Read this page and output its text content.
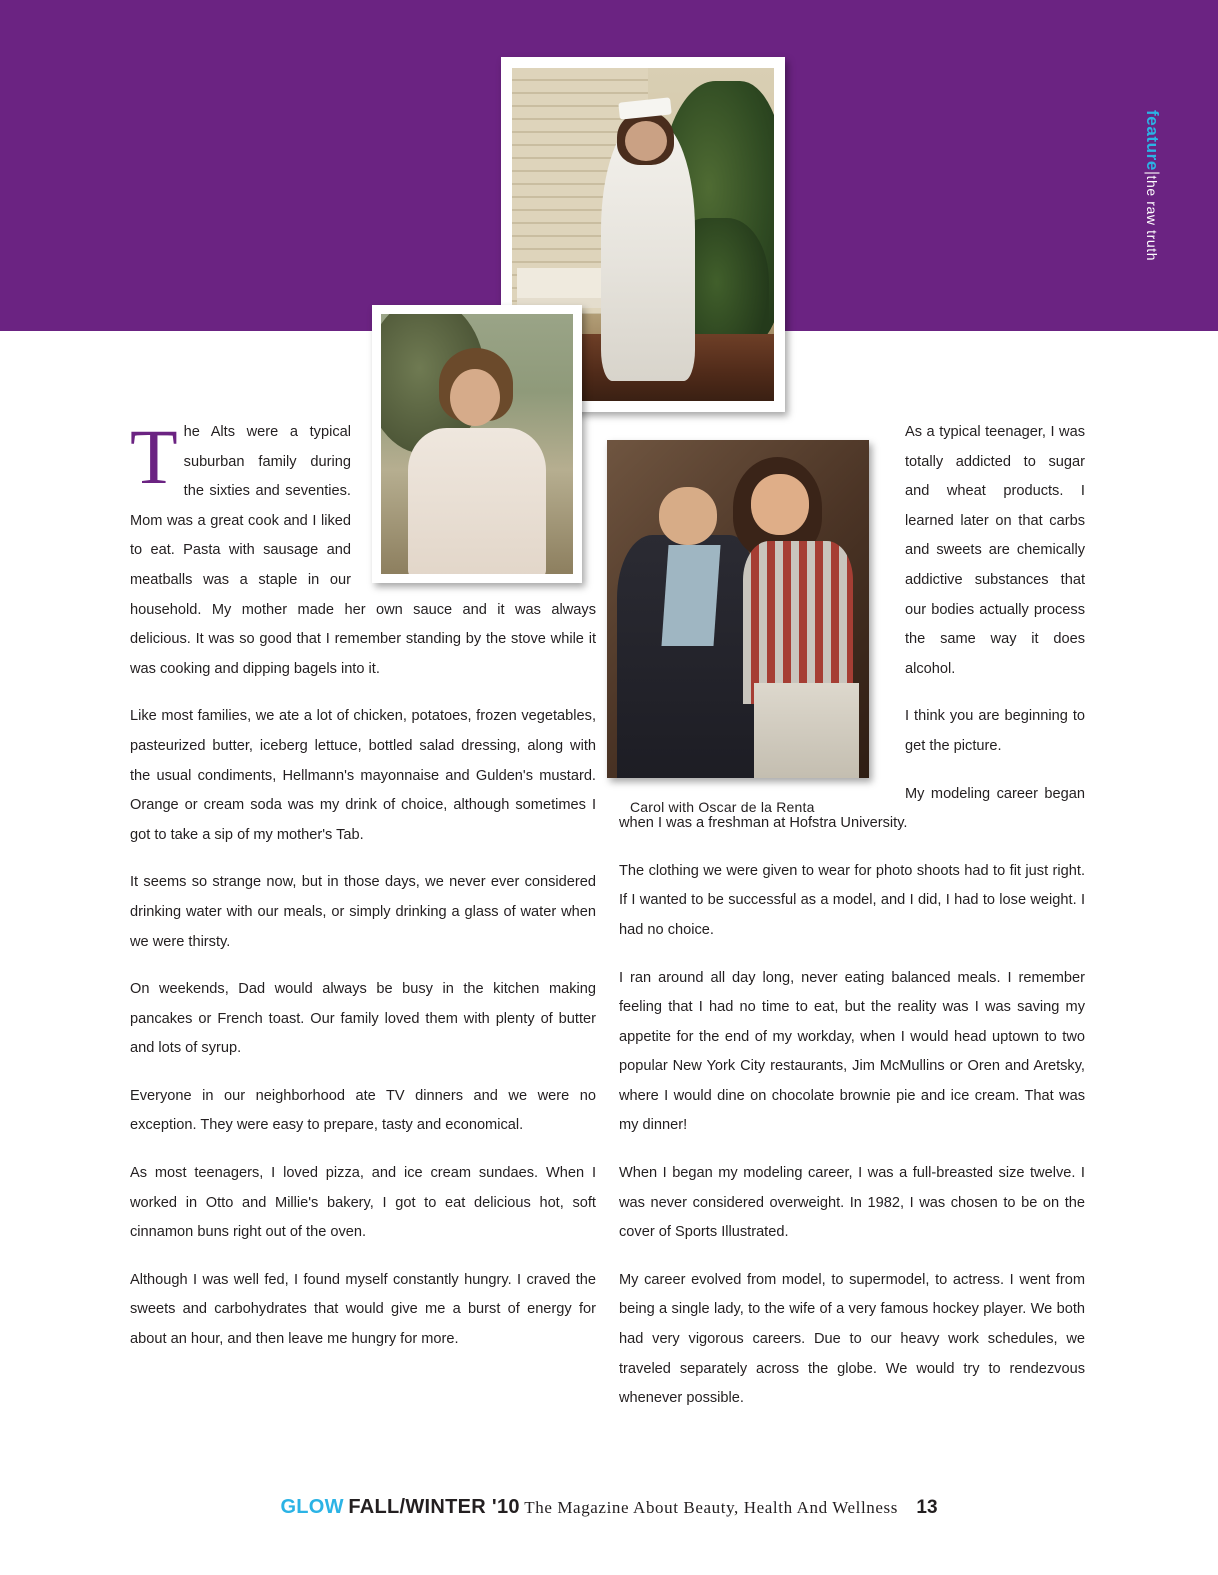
feature|the raw truth
Photos courtesy of Carol Alt
Carol with Oscar de la Renta

T he Alts were a typical suburban family during the sixties and seventies. Mom was a great cook and I liked to eat. Pasta with sausage and meatballs was a staple in our household. My mother made her own sauce and it was always delicious. It was so good that I remember standing by the stove while it was cooking and dipping bagels into it.

Like most families, we ate a lot of chicken, potatoes, frozen vegetables, pasteurized butter, iceberg lettuce, bottled salad dressing, along with the usual condiments, Hellmann's mayonnaise and Gulden's mustard. Orange or cream soda was my drink of choice, although sometimes I got to take a sip of my mother's Tab.

It seems so strange now, but in those days, we never ever considered drinking water with our meals, or simply drinking a glass of water when we were thirsty.

On weekends, Dad would always be busy in the kitchen making pancakes or French toast. Our family loved them with plenty of butter and lots of syrup.

Everyone in our neighborhood ate TV dinners and we were no exception. They were easy to prepare, tasty and economical.

As most teenagers, I loved pizza, and ice cream sundaes. When I worked in Otto and Millie's bakery, I got to eat delicious hot, soft cinnamon buns right out of the oven.

Although I was well fed, I found myself constantly hungry. I craved the sweets and carbohydrates that would give me a burst of energy for about an hour, and then leave me hungry for more.

As a typical teenager, I was totally addicted to sugar and wheat products. I learned later on that carbs and sweets are chemically addictive substances that our bodies actually process the same way it does alcohol.

I think you are beginning to get the picture.

My modeling career began when I was a freshman at Hofstra University.

The clothing we were given to wear for photo shoots had to fit just right. If I wanted to be successful as a model, and I did, I had to lose weight. I had no choice.

I ran around all day long, never eating balanced meals. I remember feeling that I had no time to eat, but the reality was I was saving my appetite for the end of my workday, when I would head uptown to two popular New York City restaurants, Jim McMullins or Oren and Aretsky, where I would dine on chocolate brownie pie and ice cream. That was my dinner!

When I began my modeling career, I was a full-breasted size twelve. I was never considered overweight. In 1982, I was chosen to be on the cover of Sports Illustrated.

My career evolved from model, to supermodel, to actress. I went from being a single lady, to the wife of a very famous hockey player. We both had very vigorous careers. Due to our heavy work schedules, we traveled separately across the globe. We would try to rendezvous whenever possible.

GLOW FALL/WINTER '10 The Magazine About Beauty, Health And Wellness 13
